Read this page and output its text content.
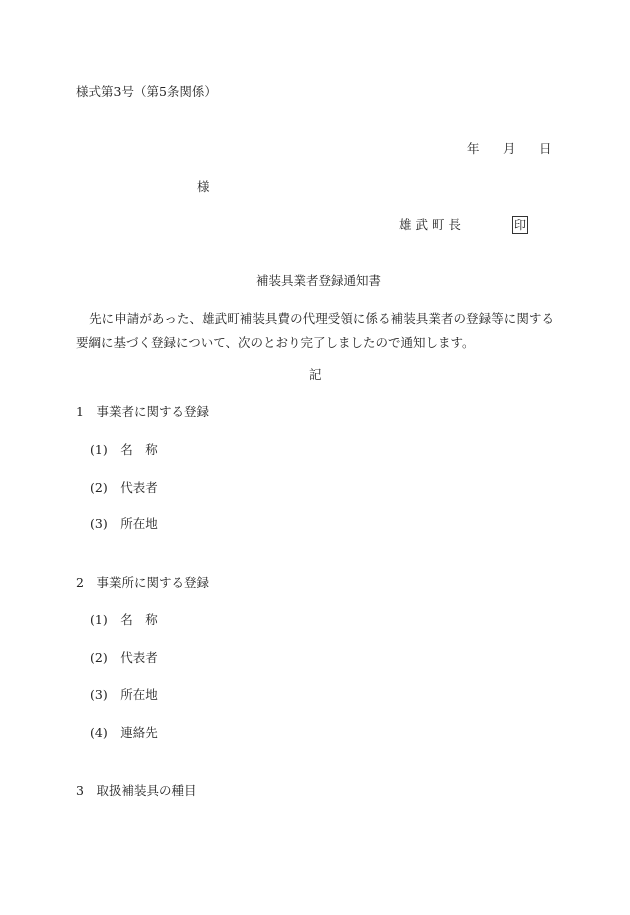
様式第3号（第5条関係）
年 月 日
様
雄 武 町 長	印
補装具業者登録通知書
先に申請があった、雄武町補装具費の代理受領に係る補装具業者の登録等に関する要綱に基づく登録について、次のとおり完了しましたので通知します。
記
1　事業者に関する登録
(1)　名　称
(2)　代表者
(3)　所在地
2　事業所に関する登録
(1)　名　称
(2)　代表者
(3)　所在地
(4)　連絡先
3　取扱補装具の種目
